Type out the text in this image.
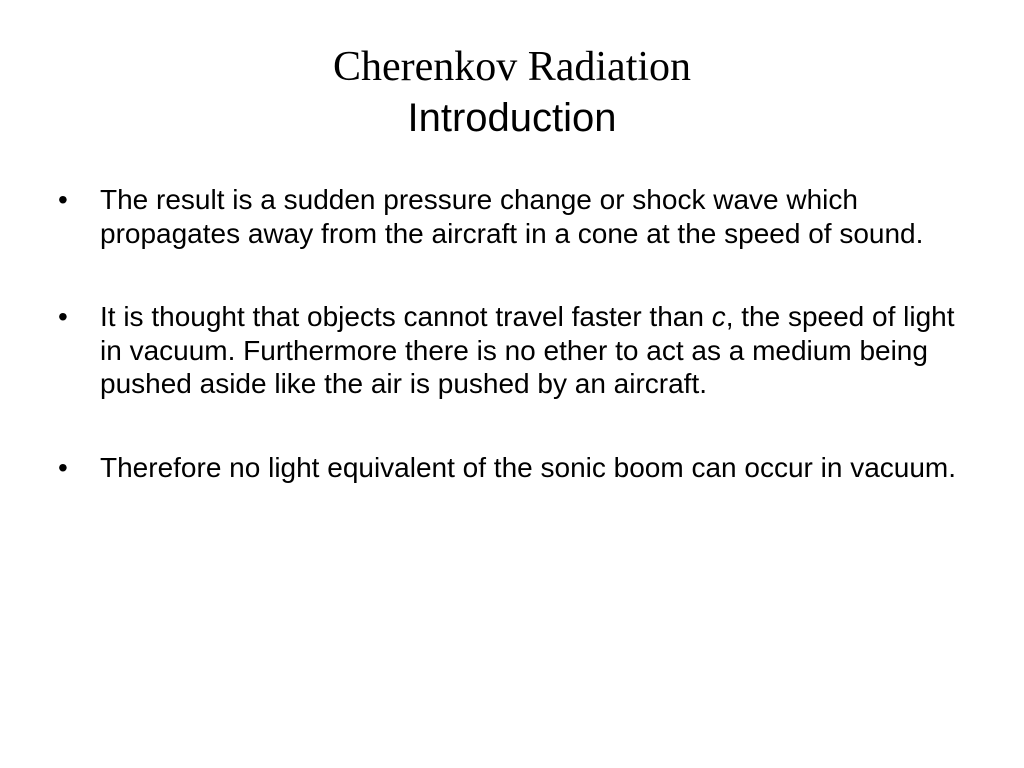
Cherenkov Radiation
Introduction
•	The result is a sudden pressure change or shock wave which propagates away from the aircraft in a cone at the speed of sound.
•	It is thought that objects cannot travel faster than c, the speed of light in vacuum. Furthermore there is no ether to act as a medium being pushed aside like the air is pushed by an aircraft.
•	Therefore no light equivalent of the sonic boom can occur in vacuum.
